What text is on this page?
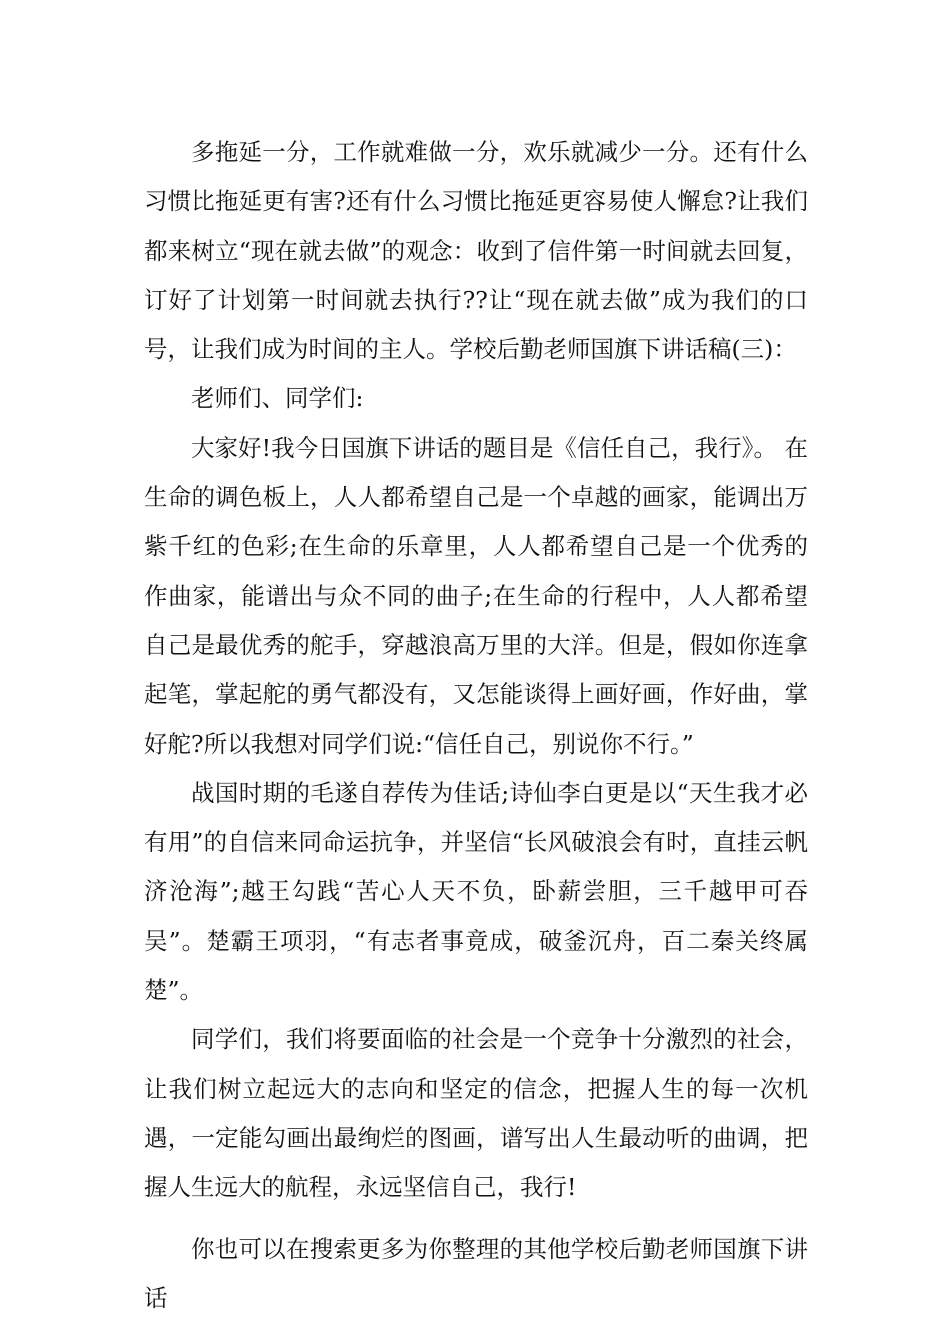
多拖延一分，工作就难做一分，欢乐就减少一分。还有什么习惯比拖延更有害?还有什么习惯比拖延更容易使人懈怠?让我们都来树立“现在就去做”的观念：收到了信件第一时间就去回复，订好了计划第一时间就去执行??让“现在就去做”成为我们的口号，让我们成为时间的主人。学校后勤老师国旗下讲话稿(三)：

老师们、同学们:

大家好!我今日国旗下讲话的题目是《信任自己，我行》。 在生命的调色板上，人人都希望自己是一个卓越的画家，能调出万紫千红的色彩;在生命的乐章里，人人都希望自己是一个优秀的作曲家，能谱出与众不同的曲子;在生命的行程中，人人都希望自己是最优秀的舵手，穿越浪高万里的大洋。但是，假如你连拿起笔，掌起舵的勇气都没有，又怎能谈得上画好画，作好曲，掌好舵?所以我想对同学们说:“信任自己，别说你不行。”

战国时期的毛遂自荐传为佳话;诗仙李白更是以“天生我才必有用”的自信来同命运抗争，并坚信“长风破浪会有时，直挂云帆济沧海”;越王勾践“苦心人天不负，卧薪尝胆，三千越甲可吞吴”。楚霸王项羽，“有志者事竟成，破釜沉舟，百二秦关终属楚”。

同学们，我们将要面临的社会是一个竞争十分激烈的社会，让我们树立起远大的志向和坚定的信念，把握人生的每一次机遇，一定能勾画出最绚烂的图画，谱写出人生最动听的曲调，把握人生远大的航程，永远坚信自己，我行!

你也可以在搜索更多为你整理的其他学校后勤老师国旗下讲话
